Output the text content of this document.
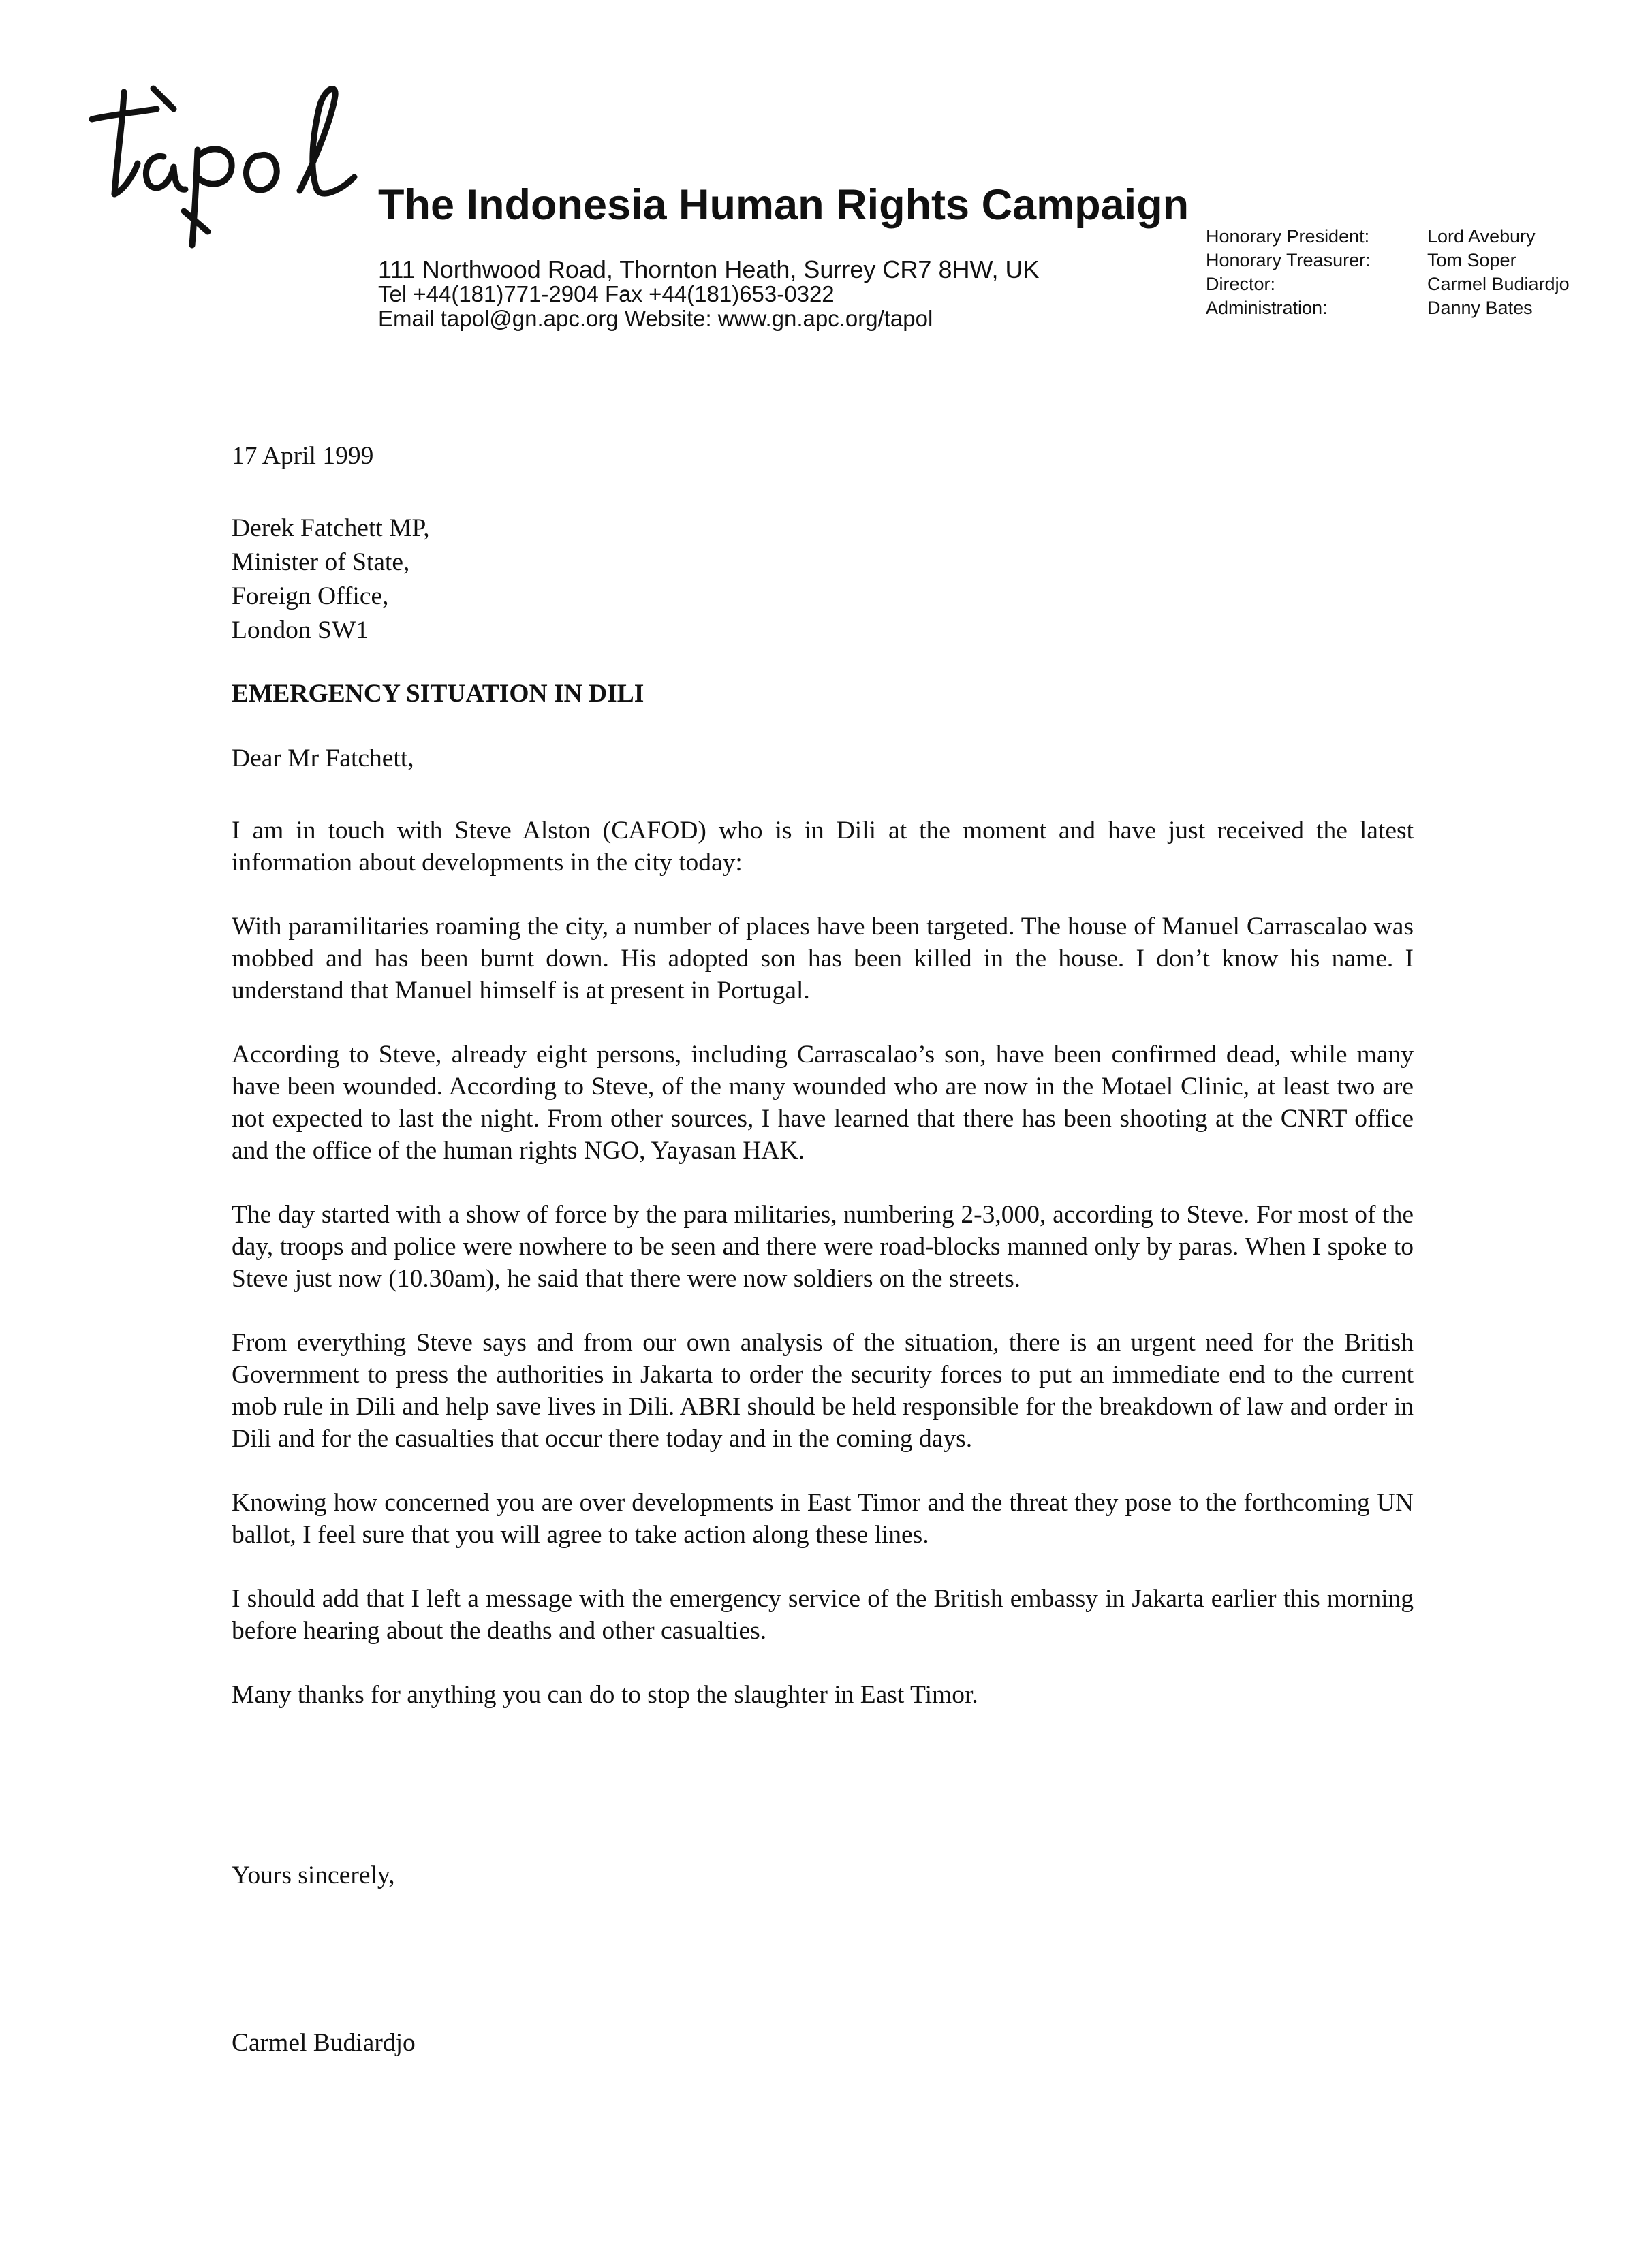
The Indonesia Human Rights Campaign
111 Northwood Road, Thornton Heath, Surrey CR7 8HW, UK
Tel +44(181)771-2904 Fax +44(181)653-0322
Email tapol@gn.apc.org Website: www.gn.apc.org/tapol
Honorary President:	Lord Avebury
Honorary Treasurer:	Tom Soper
Director:	Carmel Budiardjo
Administration:	Danny Bates
17 April 1999
Derek Fatchett MP,
Minister of State,
Foreign Office,
London SW1
EMERGENCY SITUATION IN DILI
Dear Mr Fatchett,

I am in touch with Steve Alston (CAFOD) who is in Dili at the moment and have just received the latest information about developments in the city today:

With paramilitaries roaming the city, a number of places have been targeted. The house of Manuel Carrascalao was mobbed and has been burnt down. His adopted son has been killed in the house. I don’t know his name. I understand that Manuel himself is at present in Portugal.

According to Steve, already eight persons, including Carrascalao’s son, have been confirmed dead, while many have been wounded. According to Steve, of the many wounded who are now in the Motael Clinic, at least two are not expected to last the night. From other sources, I have learned that there has been shooting at the CNRT office and the office of the human rights NGO, Yayasan HAK.

The day started with a show of force by the para militaries, numbering 2-3,000, according to Steve. For most of the day, troops and police were nowhere to be seen and there were road-blocks manned only by paras. When I spoke to Steve just now (10.30am), he said that there were now soldiers on the streets.

From everything Steve says and from our own analysis of the situation, there is an urgent need for the British Government to press the authorities in Jakarta to order the security forces to put an immediate end to the current mob rule in Dili and help save lives in Dili. ABRI should be held responsible for the breakdown of law and order in Dili and for the casualties that occur there today and in the coming days.

Knowing how concerned you are over developments in East Timor and the threat they pose to the forthcoming UN ballot, I feel sure that you will agree to take action along these lines.

I should add that I left a message with the emergency service of the British embassy in Jakarta earlier this morning before hearing about the deaths and other casualties.

Many thanks for anything you can do to stop the slaughter in East Timor.

Yours sincerely,
Carmel Budiardjo
